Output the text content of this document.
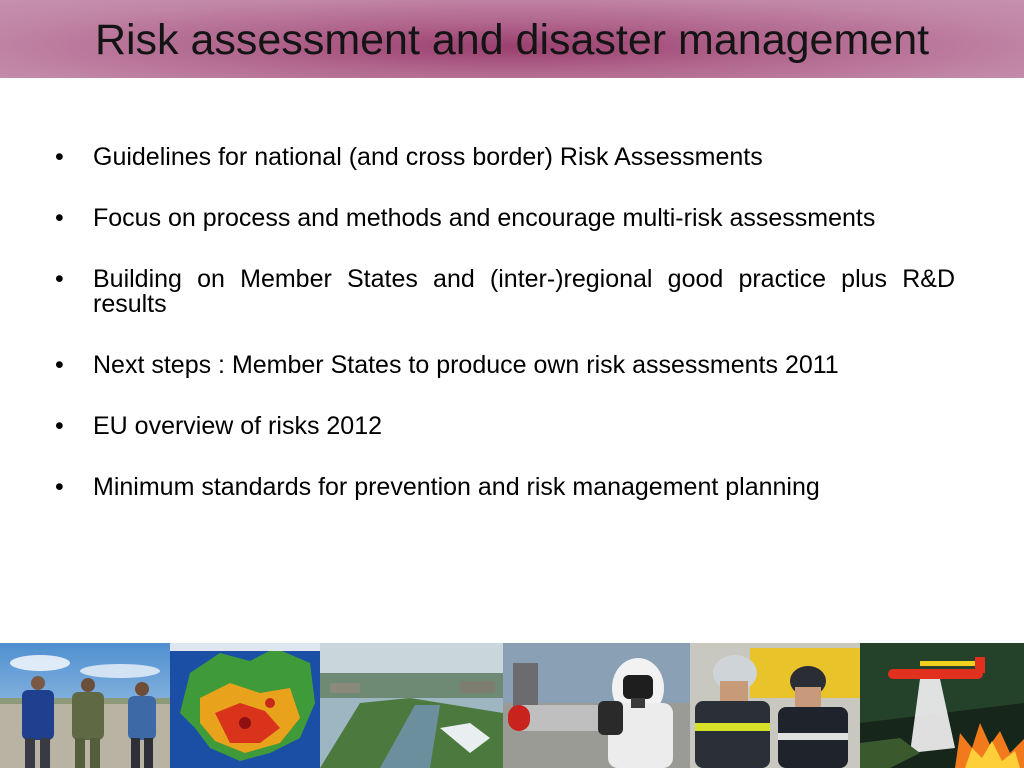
Risk assessment and disaster management
• Guidelines for national (and cross border) Risk Assessments
• Focus on process and methods and encourage multi-risk assessments
• Building on Member States and (inter-)regional good practice plus R&D results
• Next steps : Member States to produce own risk assessments 2011
• EU overview of risks 2012
• Minimum standards for prevention and risk management planning
